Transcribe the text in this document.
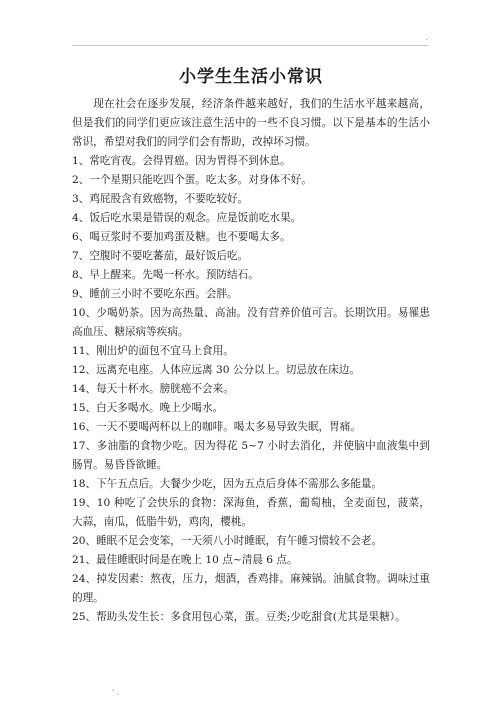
.
小学生生活小常识

现在社会在逐步发展，经济条件越来越好，我们的生活水平越来越高，但是我们的同学们更应该注意生活中的一些不良习惯。以下是基本的生活小常识，希望对我们的同学们会有帮助，改掉坏习惯。

1、常吃宵夜。会得胃癌。因为胃得不到休息。
2、一个星期只能吃四个蛋。吃太多。对身体不好。
3、鸡屁股含有致癌物，不要吃较好。
4、饭后吃水果是错误的观念。应是饭前吃水果。
6、喝豆浆时不要加鸡蛋及糖。也不要喝太多。
7、空腹时不要吃蕃茄，最好饭后吃。
8、早上醒来。先喝一杯水。预防结石。
9、睡前三小时不要吃东西。会胖。
10、少喝奶茶。因为高热量、高油。没有营养价值可言。长期饮用。易罹患高血压、糖尿病等疾病。
11、刚出炉的面包不宜马上食用。
12、远离充电座。人体应远离 30 公分以上。切忌放在床边。
14、每天十杯水。膀胱癌不会来。
15、白天多喝水。晚上少喝水。
16、一天不要喝两杯以上的咖啡。喝太多易导致失眠，胃痛。
17、多油脂的食物少吃。因为得花 5~7 小时去消化，并使脑中血液集中到肠胃。易昏昏欲睡。
18、下午五点后。大餐少少吃，因为五点后身体不需那么多能量。
19、10 种吃了会快乐的食物：深海鱼，香蕉，葡萄柚，全麦面包，菠菜，大蒜，南瓜，低脂牛奶，鸡肉，樱桃。
20、睡眠不足会变笨，一天须八小时睡眠，有午睡习惯较不会老。
21、最佳睡眠时间是在晚上 10 点~清晨 6 点。
24、掉发因素：熬夜，压力，烟酒，香鸡排。麻辣锅。油腻食物。调味过重的理。
25、帮助头发生长：多食用包心菜，蛋。豆类;少吃甜食(尤其是果糖）。
' .
